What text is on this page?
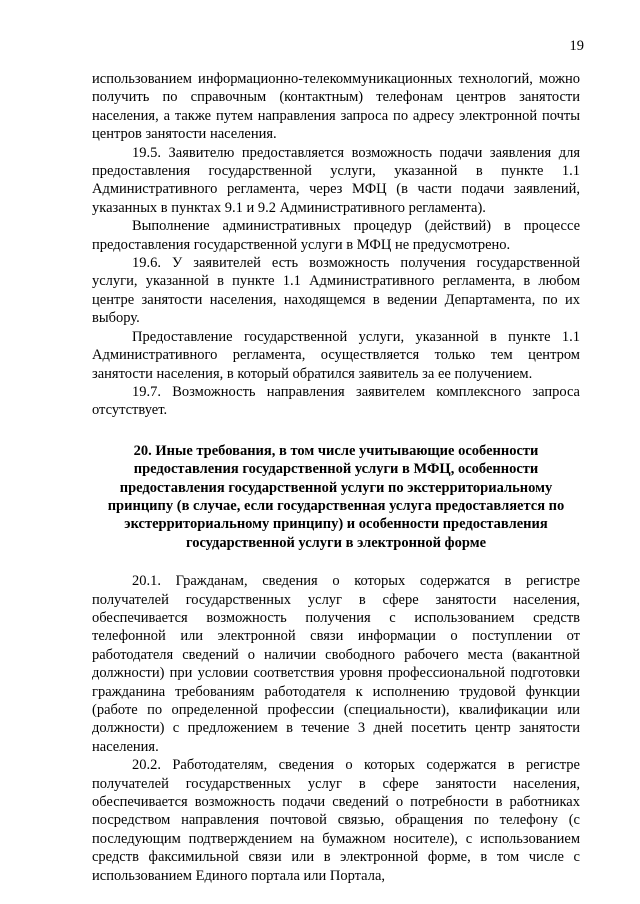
19

использованием информационно-телекоммуникационных технологий, можно получить по справочным (контактным) телефонам центров занятости населения, а также путем направления запроса по адресу электронной почты центров занятости населения.

19.5. Заявителю предоставляется возможность подачи заявления для предоставления государственной услуги, указанной в пункте 1.1 Административного регламента, через МФЦ (в части подачи заявлений, указанных в пунктах 9.1 и 9.2 Административного регламента).

Выполнение административных процедур (действий) в процессе предоставления государственной услуги в МФЦ не предусмотрено.

19.6. У заявителей есть возможность получения государственной услуги, указанной в пункте 1.1 Административного регламента, в любом центре занятости населения, находящемся в ведении Департамента, по их выбору.

Предоставление государственной услуги, указанной в пункте 1.1 Административного регламента, осуществляется только тем центром занятости населения, в который обратился заявитель за ее получением.

19.7. Возможность направления заявителем комплексного запроса отсутствует.

20. Иные требования, в том числе учитывающие особенности предоставления государственной услуги в МФЦ, особенности предоставления государственной услуги по экстерриториальному принципу (в случае, если государственная услуга предоставляется по экстерриториальному принципу) и особенности предоставления государственной услуги в электронной форме

20.1. Гражданам, сведения о которых содержатся в регистре получателей государственных услуг в сфере занятости населения, обеспечивается возможность получения с использованием средств телефонной или электронной связи информации о поступлении от работодателя сведений о наличии свободного рабочего места (вакантной должности) при условии соответствия уровня профессиональной подготовки гражданина требованиям работодателя к исполнению трудовой функции (работе по определенной профессии (специальности), квалификации или должности) с предложением в течение 3 дней посетить центр занятости населения.

20.2. Работодателям, сведения о которых содержатся в регистре получателей государственных услуг в сфере занятости населения, обеспечивается возможность подачи сведений о потребности в работниках посредством направления почтовой связью, обращения по телефону (с последующим подтверждением на бумажном носителе), с использованием средств факсимильной связи или в электронной форме, в том числе с использованием Единого портала или Портала,
